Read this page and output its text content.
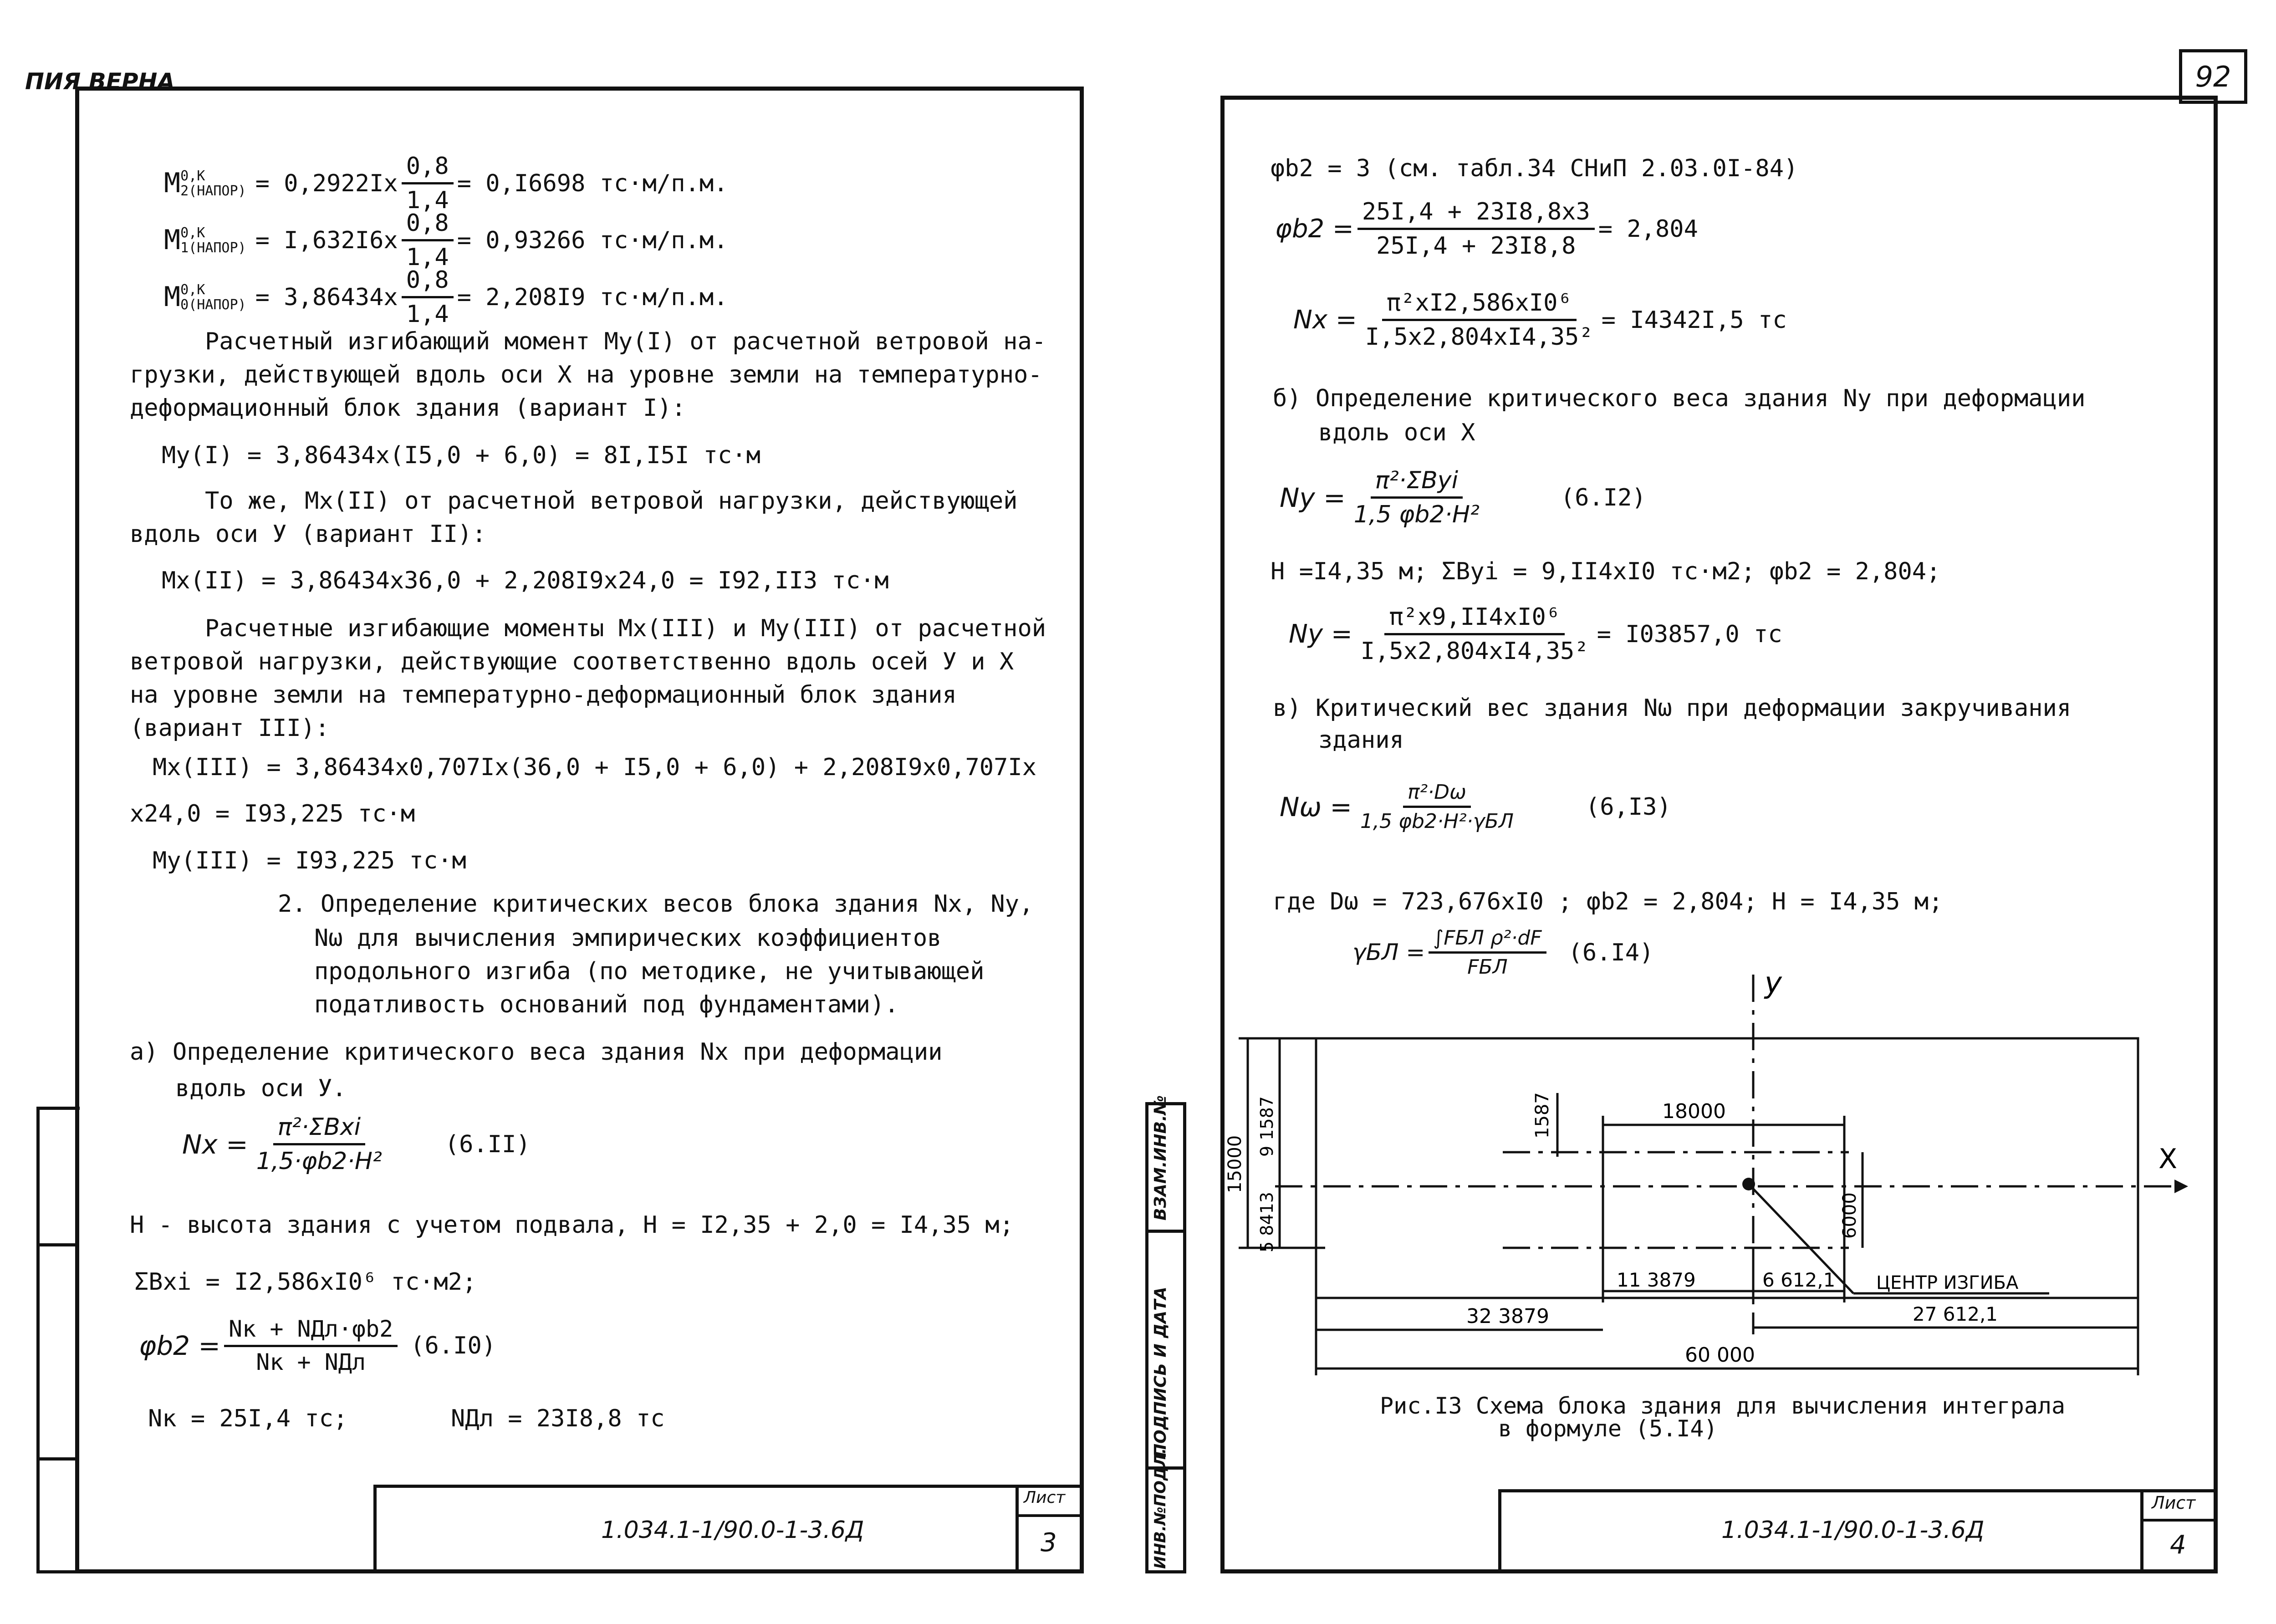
ПИЯ ВЕРНА	92
M 0,K
2(НАПОР) = $0,2922Ix \frac{0,8}{1,4} = 0,I6698$ тс·м/п.м.
M 0,K
1(НАПОР) = $I,632I6x \frac{0,8}{1,4} = 0,93266$ тс·м/п.м.
M 0,K
0(НАПОР) = $3,86434x \frac{0,8}{1,4} = 2,208I9$ тс·м/п.м.
Расчетный изгибающий момент My(I) от расчетной ветровой на-
грузки, действующей вдоль оси X на уровне земли на температурно-
деформационный блок здания (вариант I):
My(I) = 3,86434x(I5,0 + 6,0) = 8I,I5I тс·м
То же, Mx(II) от расчетной ветровой нагрузки, действующей
вдоль оси У (вариант II):
Mx(II) = 3,86434x36,0 + 2,208I9x24,0 = I92,II3 тс·м
Расчетные изгибающие моменты Mx(III) и My(III) от расчетной
ветровой нагрузки, действующие соответственно вдоль осей У и X
на уровне земли на температурно-деформационный блок здания
(вариант III):
Mx(III) = 3,86434x0,707Ix(36,0 + I5,0 + 6,0) + 2,208I9x0,707Ix
x24,0 = I93,225 тс·м
My(III) = I93,225 тс·м
2. Определение критических весов блока здания Nx, Ny,
Nω для вычисления эмпирических коэффициентов
продольного изгиба (по методике, не учитывающей
податливость оснований под фундаментами).
а) Определение критического веса здания Nx при деформации
вдоль оси У.
$Nx = \frac{\text{π²·ΣBxi}}{\text{1,5·φb2·H²}} (6.II)$
H - высота здания с учетом подвала, H = I2,35 + 2,0 = I4,35 м;
ΣBxi = I2,586xI0⁶ тс·м2;
$\varphi b2 = \frac{\text{Nк + NДл·φb2}}{\text{Nк + NДл}} (6.I0)$
Nк = 25I,4 тс;	NДл = 23I8,8 тс
1.034.1-1/90.0-1-3.6Д
Лист
3
φb2 = 3 (см. табл.34 СНиП 2.03.0I-84)
$\varphi b2 = \frac{25I,4 + 23I8,8x3}{25I,4 + 23I8,8} = 2,804$
$Nx = \frac{\text{π²xI2,586xI0⁶}}{\text{I,5x2,804xI4,35²}} = I4342I,5$ тс
б) Определение критического веса здания Ny при деформации
вдоль оси X
$Ny = \frac{\text{π²·ΣByi}}{\text{1,5 φb2·H²}}$	(6.I2)
H =I4,35 м; ΣByi = 9,II4xI0 тс·м2; φb2 = 2,804;
$Ny = \frac{\text{π²x9,II4xI0⁶}}{\text{I,5x2,804xI4,35²}} = I03857,0$ тс
в) Критический вес здания Nω при деформации закручивания
здания
$N\omega = \frac{\text{π²·Dω}}{\text{1,5 φb2·H²·γБЛ}}$	(6,I3)
где Dω = 723,676xI0 ; φb2 = 2,804; H = I4,35 м;
$\gamma БЛ = \frac{\text{∫FБЛ ρ²·dF}}{\text{FБЛ}} (6.I4)$
y
X
18000
1587
15000
9 1587
5 8413	6000
11 3879	6 612,1 ЦЕНТР ИЗГИБА
27 612,1
32 3879
60 000
Рис.I3 Схема блока здания для вычисления интеграла
в формуле (5.I4)
ВЗАМ.ИНВ.№
ПОДПИСЬ И ДАТА
ИНВ.№ПОДЛ.	1.034.1-1/90.0-1-3.6Д
Лист
4
